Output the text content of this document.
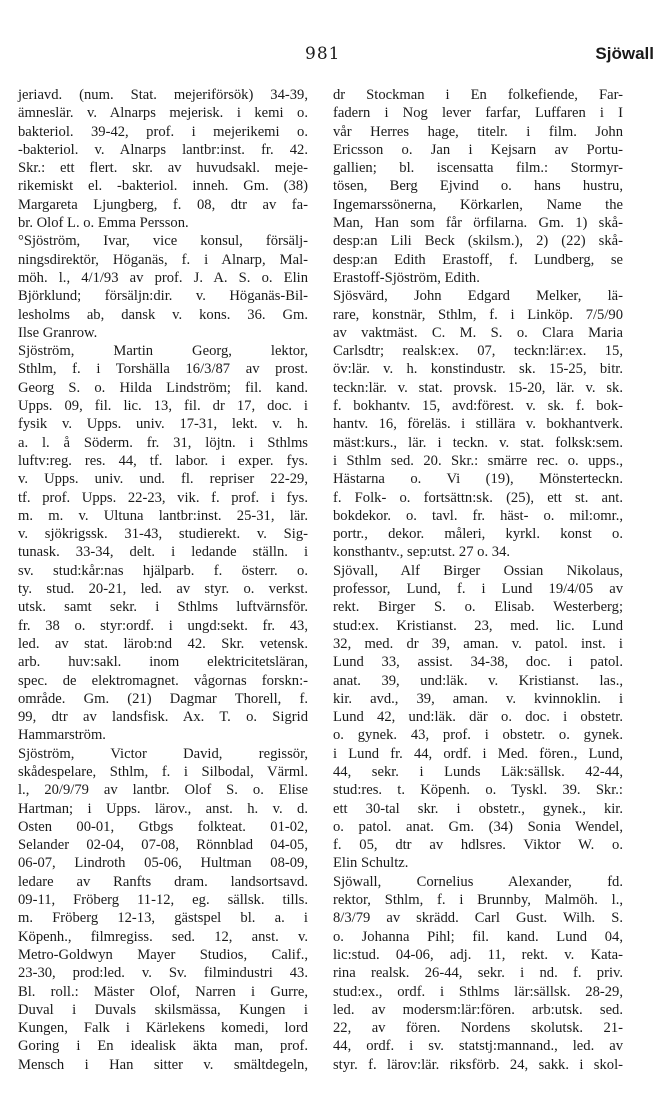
981	Sjöwall
jeriavd. (num. Stat. mejeriförsök) 34-39,
ämneslär. v. Alnarps mejerisk. i kemi o.
bakteriol. 39-42, prof. i mejerikemi o.
-bakteriol. v. Alnarps lantbr:inst. fr. 42.
Skr.: ett flert. skr. av huvudsakl. meje-
rikemiskt el. -bakteriol. inneh. Gm. (38)
Margareta Ljungberg, f. 08, dtr av fa-
br. Olof L. o. Emma Persson.
°Sjöström, Ivar, vice konsul, försälj-
ningsdirektör, Höganäs, f. i Alnarp, Mal-
möh. l., 4/1/93 av prof. J. A. S. o. Elin
Björklund; försäljn:dir. v. Höganäs-Bil-
lesholms ab, dansk v. kons. 36. Gm.
Ilse Granrow.
Sjöström, Martin Georg, lektor,
Sthlm, f. i Torshälla 16/3/87 av prost.
Georg S. o. Hilda Lindström; fil. kand.
Upps. 09, fil. lic. 13, fil. dr 17, doc. i
fysik v. Upps. univ. 17-31, lekt. v. h.
a. l. å Söderm. fr. 31, löjtn. i Sthlms
luftv:reg. res. 44, tf. labor. i exper. fys.
v. Upps. univ. und. fl. repriser 22-29,
tf. prof. Upps. 22-23, vik. f. prof. i fys.
m. m. v. Ultuna lantbr:inst. 25-31, lär.
v. sjökrigssk. 31-43, studierekt. v. Sig-
tunask. 33-34, delt. i ledande ställn. i
sv. stud:kår:nas hjälparb. f. österr. o.
ty. stud. 20-21, led. av styr. o. verkst.
utsk. samt sekr. i Sthlms luftvärnsför.
fr. 38 o. styr:ordf. i ungd:sekt. fr. 43,
led. av stat. lärob:nd 42. Skr. vetensk.
arb. huv:sakl. inom elektricitetsläran,
spec. de elektromagnet. vågornas forskn:-
område. Gm. (21) Dagmar Thorell, f.
99, dtr av landsfisk. Ax. T. o. Sigrid
Hammarström.
Sjöström, Victor David, regissör,
skådespelare, Sthlm, f. i Silbodal, Värml.
l., 20/9/79 av lantbr. Olof S. o. Elise
Hartman; i Upps. lärov., anst. h. v. d.
Osten 00-01, Gtbgs folkteat. 01-02,
Selander 02-04, 07-08, Rönnblad 04-05,
06-07, Lindroth 05-06, Hultman 08-09,
ledare av Ranfts dram. landsortsavd.
09-11, Fröberg 11-12, eg. sällsk. tills.
m. Fröberg 12-13, gästspel bl. a. i
Köpenh., filmregiss. sed. 12, anst. v.
Metro-Goldwyn Mayer Studios, Calif.,
23-30, prod:led. v. Sv. filmindustri 43.
Bl. roll.: Mäster Olof, Narren i Gurre,
Duval i Duvals skilsmässa, Kungen i
Kungen, Falk i Kärlekens komedi, lord
Goring i En idealisk äkta man, prof.
Mensch i Han sitter v. smältdegeln,
dr Stockman i En folkefiende, Far-
fadern i Nog lever farfar, Luffaren i I
vår Herres hage, titelr. i film. John
Ericsson o. Jan i Kejsarn av Portu-
gallien; bl. iscensatta film.: Stormyr-
tösen, Berg Ejvind o. hans hustru,
Ingemarssönerna, Körkarlen, Name the
Man, Han som får örfilarna. Gm. 1) skå-
desp:an Lili Beck (skilsm.), 2) (22) skå-
desp:an Edith Erastoff, f. Lundberg, se
Erastoff-Sjöström, Edith.
Sjösvärd, John Edgard Melker, lä-
rare, konstnär, Sthlm, f. i Linköp. 7/5/90
av vaktmäst. C. M. S. o. Clara Maria
Carlsdtr; realsk:ex. 07, teckn:lär:ex. 15,
öv:lär. v. h. konstindustr. sk. 15-25, bitr.
teckn:lär. v. stat. provsk. 15-20, lär. v. sk.
f. bokhantv. 15, avd:förest. v. sk. f. bok-
hantv. 16, föreläs. i stillära v. bokhantverk.
mäst:kurs., lär. i teckn. v. stat. folksk:sem.
i Sthlm sed. 20. Skr.: smärre rec. o. upps.,
Hästarna o. Vi (19), Mönsterteckn.
f. Folk- o. fortsättn:sk. (25), ett st. ant.
bokdekor. o. tavl. fr. häst- o. mil:omr.,
portr., dekor. måleri, kyrkl. konst o.
konsthantv., sep:utst. 27 o. 34.
Sjövall, Alf Birger Ossian Nikolaus,
professor, Lund, f. i Lund 19/4/05 av
rekt. Birger S. o. Elisab. Westerberg;
stud:ex. Kristianst. 23, med. lic. Lund
32, med. dr 39, aman. v. patol. inst. i
Lund 33, assist. 34-38, doc. i patol.
anat. 39, und:läk. v. Kristianst. las.,
kir. avd., 39, aman. v. kvinnoklin. i
Lund 42, und:läk. där o. doc. i obstetr.
o. gynek. 43, prof. i obstetr. o. gynek.
i Lund fr. 44, ordf. i Med. fören., Lund,
44, sekr. i Lunds Läk:sällsk. 42-44,
stud:res. t. Köpenh. o. Tyskl. 39. Skr.:
ett 30-tal skr. i obstetr., gynek., kir.
o. patol. anat. Gm. (34) Sonia Wendel,
f. 05, dtr av hdlsres. Viktor W. o.
Elin Schultz.
Sjöwall, Cornelius Alexander, fd.
rektor, Sthlm, f. i Brunnby, Malmöh. l.,
8/3/79 av skrädd. Carl Gust. Wilh. S.
o. Johanna Pihl; fil. kand. Lund 04,
lic:stud. 04-06, adj. 11, rekt. v. Kata-
rina realsk. 26-44, sekr. i nd. f. priv.
stud:ex., ordf. i Sthlms lär:sällsk. 28-29,
led. av modersm:lär:fören. arb:utsk. sed.
22, av fören. Nordens skolutsk. 21-
44, ordf. i sv. statstj:mannand., led. av
styr. f. lärov:lär. riksförb. 24, sakk. i skol-
